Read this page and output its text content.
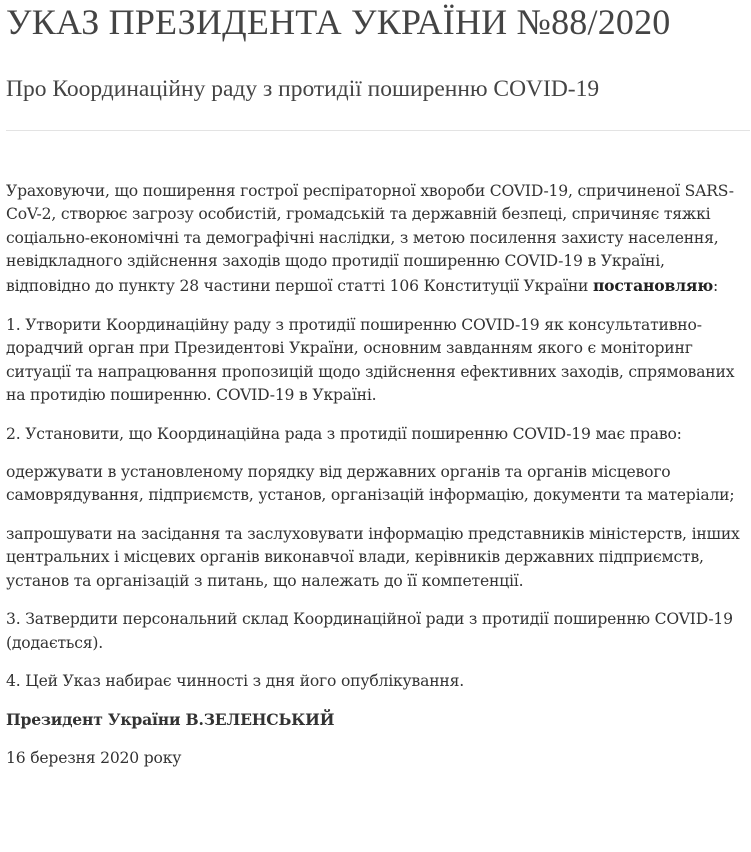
УКАЗ ПРЕЗИДЕНТА УКРАЇНИ №88/2020
Про Координаційну раду з протидії поширенню COVID-19

Ураховуючи, що поширення гострої респіраторної хвороби COVID-19, спричиненої SARS-CoV-2, створює загрозу особистій, громадській та державній безпеці, спричиняє тяжкі соціально-економічні та демографічні наслідки, з метою посилення захисту населення, невідкладного здійснення заходів щодо протидії поширенню COVID-19 в Україні, відповідно до пункту 28 частини першої статті 106 Конституції України постановляю:

1. Утворити Координаційну раду з протидії поширенню COVID-19 як консультативно-дорадчий орган при Президентові України, основним завданням якого є моніторинг ситуації та напрацювання пропозицій щодо здійснення ефективних заходів, спрямованих на протидію поширенню. COVID-19 в Україні.

2. Установити, що Координаційна рада з протидії поширенню COVID-19 має право:

одержувати в установленому порядку від державних органів та органів місцевого самоврядування, підприємств, установ, організацій інформацію, документи та матеріали;

запрошувати на засідання та заслуховувати інформацію представників міністерств, інших центральних і місцевих органів виконавчої влади, керівників державних підприємств, установ та організацій з питань, що належать до її компетенції.

3. Затвердити персональний склад Координаційної ради з протидії поширенню COVID-19 (додається).

4. Цей Указ набирає чинності з дня його опублікування.

Президент України В.ЗЕЛЕНСЬКИЙ

16 березня 2020 року
